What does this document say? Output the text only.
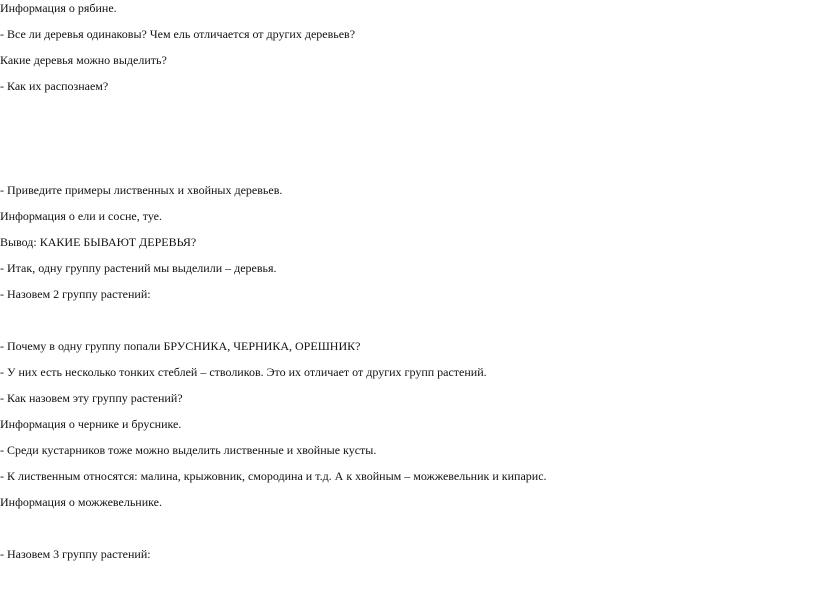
Информация о рябине.

- Все ли деревья одинаковы? Чем ель отличается от других деревьев?

Какие деревья можно выделить?

- Как их распознаем?

- Приведите примеры лиственных и хвойных деревьев.

Информация о ели и сосне, туе.

Вывод: КАКИЕ БЫВАЮТ ДЕРЕВЬЯ?

- Итак, одну группу растений мы выделили – деревья.

- Назовем 2 группу растений:

- Почему в одну группу попали БРУСНИКА, ЧЕРНИКА, ОРЕШНИК?

- У них есть несколько тонких стеблей – стволиков. Это их отличает от других групп растений.

- Как назовем эту группу растений?

Информация о чернике и бруснике.

- Среди кустарников тоже можно выделить лиственные и хвойные кусты.

- К лиственным относятся: малина, крыжовник, смородина и т.д. А к хвойным – можжевельник и кипарис.

Информация о можжевельнике.

- Назовем 3 группу растений:
